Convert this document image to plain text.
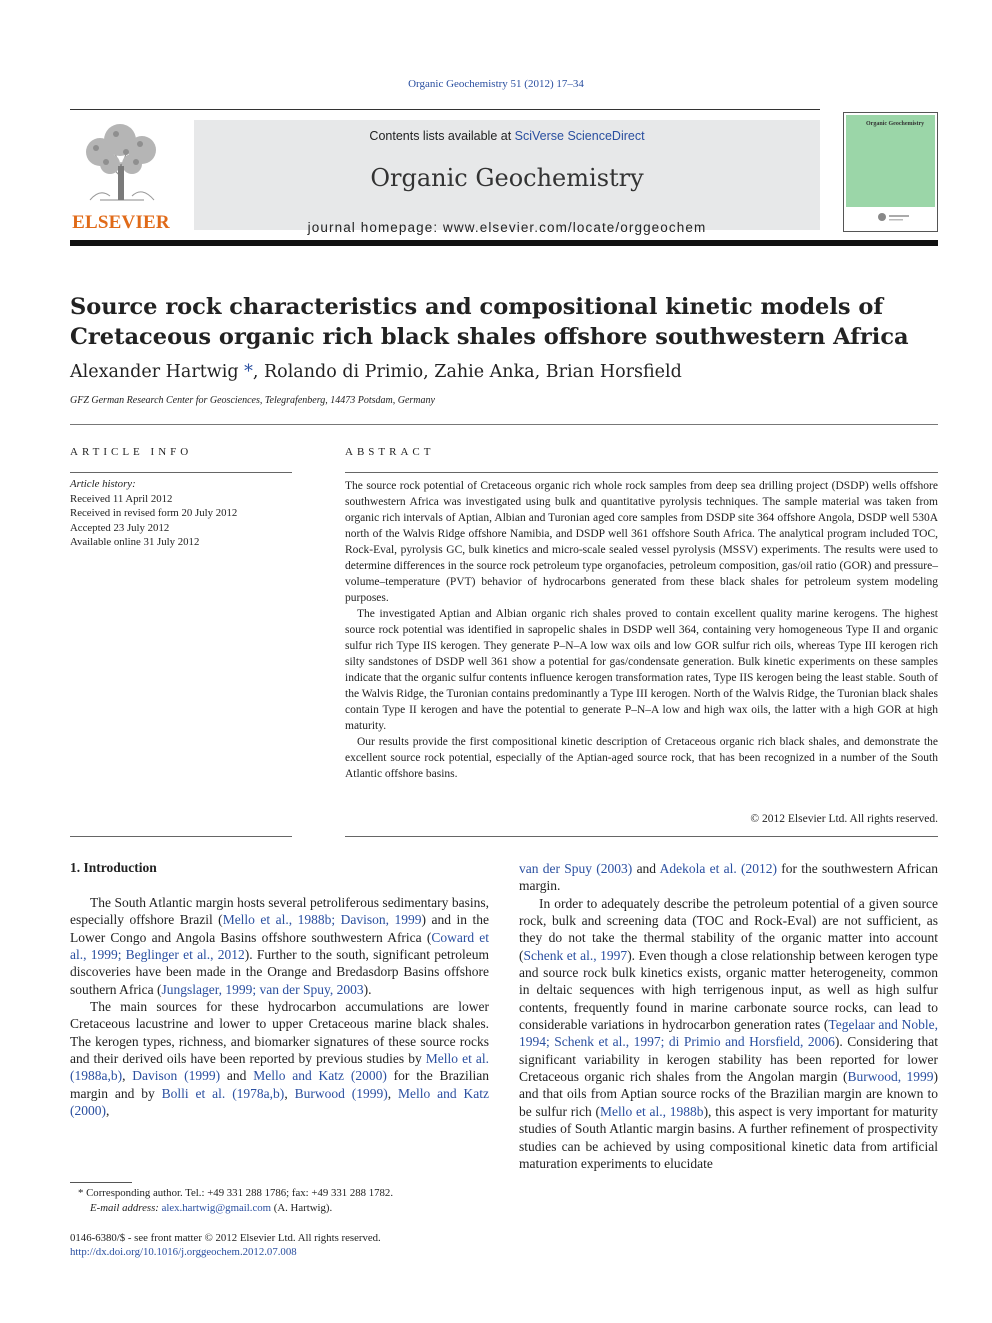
Organic Geochemistry 51 (2012) 17–34
ELSEVIER
Contents lists available at SciVerse ScienceDirect
Organic Geochemistry
journal homepage: www.elsevier.com/locate/orggeochem
Organic Geochemistry
Source rock characteristics and compositional kinetic models of Cretaceous organic rich black shales offshore southwestern Africa
Alexander Hartwig *, Rolando di Primio, Zahie Anka, Brian Horsfield
GFZ German Research Center for Geosciences, Telegrafenberg, 14473 Potsdam, Germany
ARTICLE INFO
Article history:
Received 11 April 2012
Received in revised form 20 July 2012
Accepted 23 July 2012
Available online 31 July 2012
ABSTRACT

The source rock potential of Cretaceous organic rich whole rock samples from deep sea drilling project (DSDP) wells offshore southwestern Africa was investigated using bulk and quantitative pyrolysis techniques. The sample material was taken from organic rich intervals of Aptian, Albian and Turonian aged core samples from DSDP site 364 offshore Angola, DSDP well 530A north of the Walvis Ridge offshore Namibia, and DSDP well 361 offshore South Africa. The analytical program included TOC, Rock-Eval, pyrolysis GC, bulk kinetics and micro-scale sealed vessel pyrolysis (MSSV) experiments. The results were used to determine differences in the source rock petroleum type organofacies, petroleum composition, gas/oil ratio (GOR) and pressure–volume–temperature (PVT) behavior of hydrocarbons generated from these black shales for petroleum system modeling purposes.

The investigated Aptian and Albian organic rich shales proved to contain excellent quality marine kerogens. The highest source rock potential was identified in sapropelic shales in DSDP well 364, containing very homogeneous Type II and organic sulfur rich Type IIS kerogen. They generate P–N–A low wax oils and low GOR sulfur rich oils, whereas Type III kerogen rich silty sandstones of DSDP well 361 show a potential for gas/condensate generation. Bulk kinetic experiments on these samples indicate that the organic sulfur contents influence kerogen transformation rates, Type IIS kerogen being the least stable. South of the Walvis Ridge, the Turonian contains predominantly a Type III kerogen. North of the Walvis Ridge, the Turonian black shales contain Type II kerogen and have the potential to generate P–N–A low and high wax oils, the latter with a high GOR at high maturity.

Our results provide the first compositional kinetic description of Cretaceous organic rich black shales, and demonstrate the excellent source rock potential, especially of the Aptian-aged source rock, that has been recognized in a number of the South Atlantic offshore basins.

© 2012 Elsevier Ltd. All rights reserved.
1. Introduction

The South Atlantic margin hosts several petroliferous sedimentary basins, especially offshore Brazil (Mello et al., 1988b; Davison, 1999) and in the Lower Congo and Angola Basins offshore southwestern Africa (Coward et al., 1999; Beglinger et al., 2012). Further to the south, significant petroleum discoveries have been made in the Orange and Bredasdorp Basins offshore southern Africa (Jungslager, 1999; van der Spuy, 2003).

The main sources for these hydrocarbon accumulations are lower Cretaceous lacustrine and lower to upper Cretaceous marine black shales. The kerogen types, richness, and biomarker signatures of these source rocks and their derived oils have been reported by previous studies by Mello et al. (1988a,b), Davison (1999) and Mello and Katz (2000) for the Brazilian margin and by Bolli et al. (1978a,b), Burwood (1999), Mello and Katz (2000),

van der Spuy (2003) and Adekola et al. (2012) for the southwestern African margin.

In order to adequately describe the petroleum potential of a given source rock, bulk and screening data (TOC and Rock-Eval) are not sufficient, as they do not take the thermal stability of the organic matter into account (Schenk et al., 1997). Even though a close relationship between kerogen type and source rock bulk kinetics exists, organic matter heterogeneity, common in deltaic sequences with high terrigenous input, as well as high sulfur contents, frequently found in marine carbonate source rocks, can lead to considerable variations in hydrocarbon generation rates (Tegelaar and Noble, 1994; Schenk et al., 1997; di Primio and Horsfield, 2006). Considering that significant variability in kerogen stability has been reported for lower Cretaceous organic rich shales from the Angolan margin (Burwood, 1999) and that oils from Aptian source rocks of the Brazilian margin are known to be sulfur rich (Mello et al., 1988b), this aspect is very important for maturity studies of South Atlantic margin basins. A further refinement of prospectivity studies can be achieved by using compositional kinetic data from artificial maturation experiments to elucidate

* Corresponding author. Tel.: +49 331 288 1786; fax: +49 331 288 1782.
E-mail address: alex.hartwig@gmail.com (A. Hartwig).
0146-6380/$ - see front matter © 2012 Elsevier Ltd. All rights reserved.
http://dx.doi.org/10.1016/j.orggeochem.2012.07.008
